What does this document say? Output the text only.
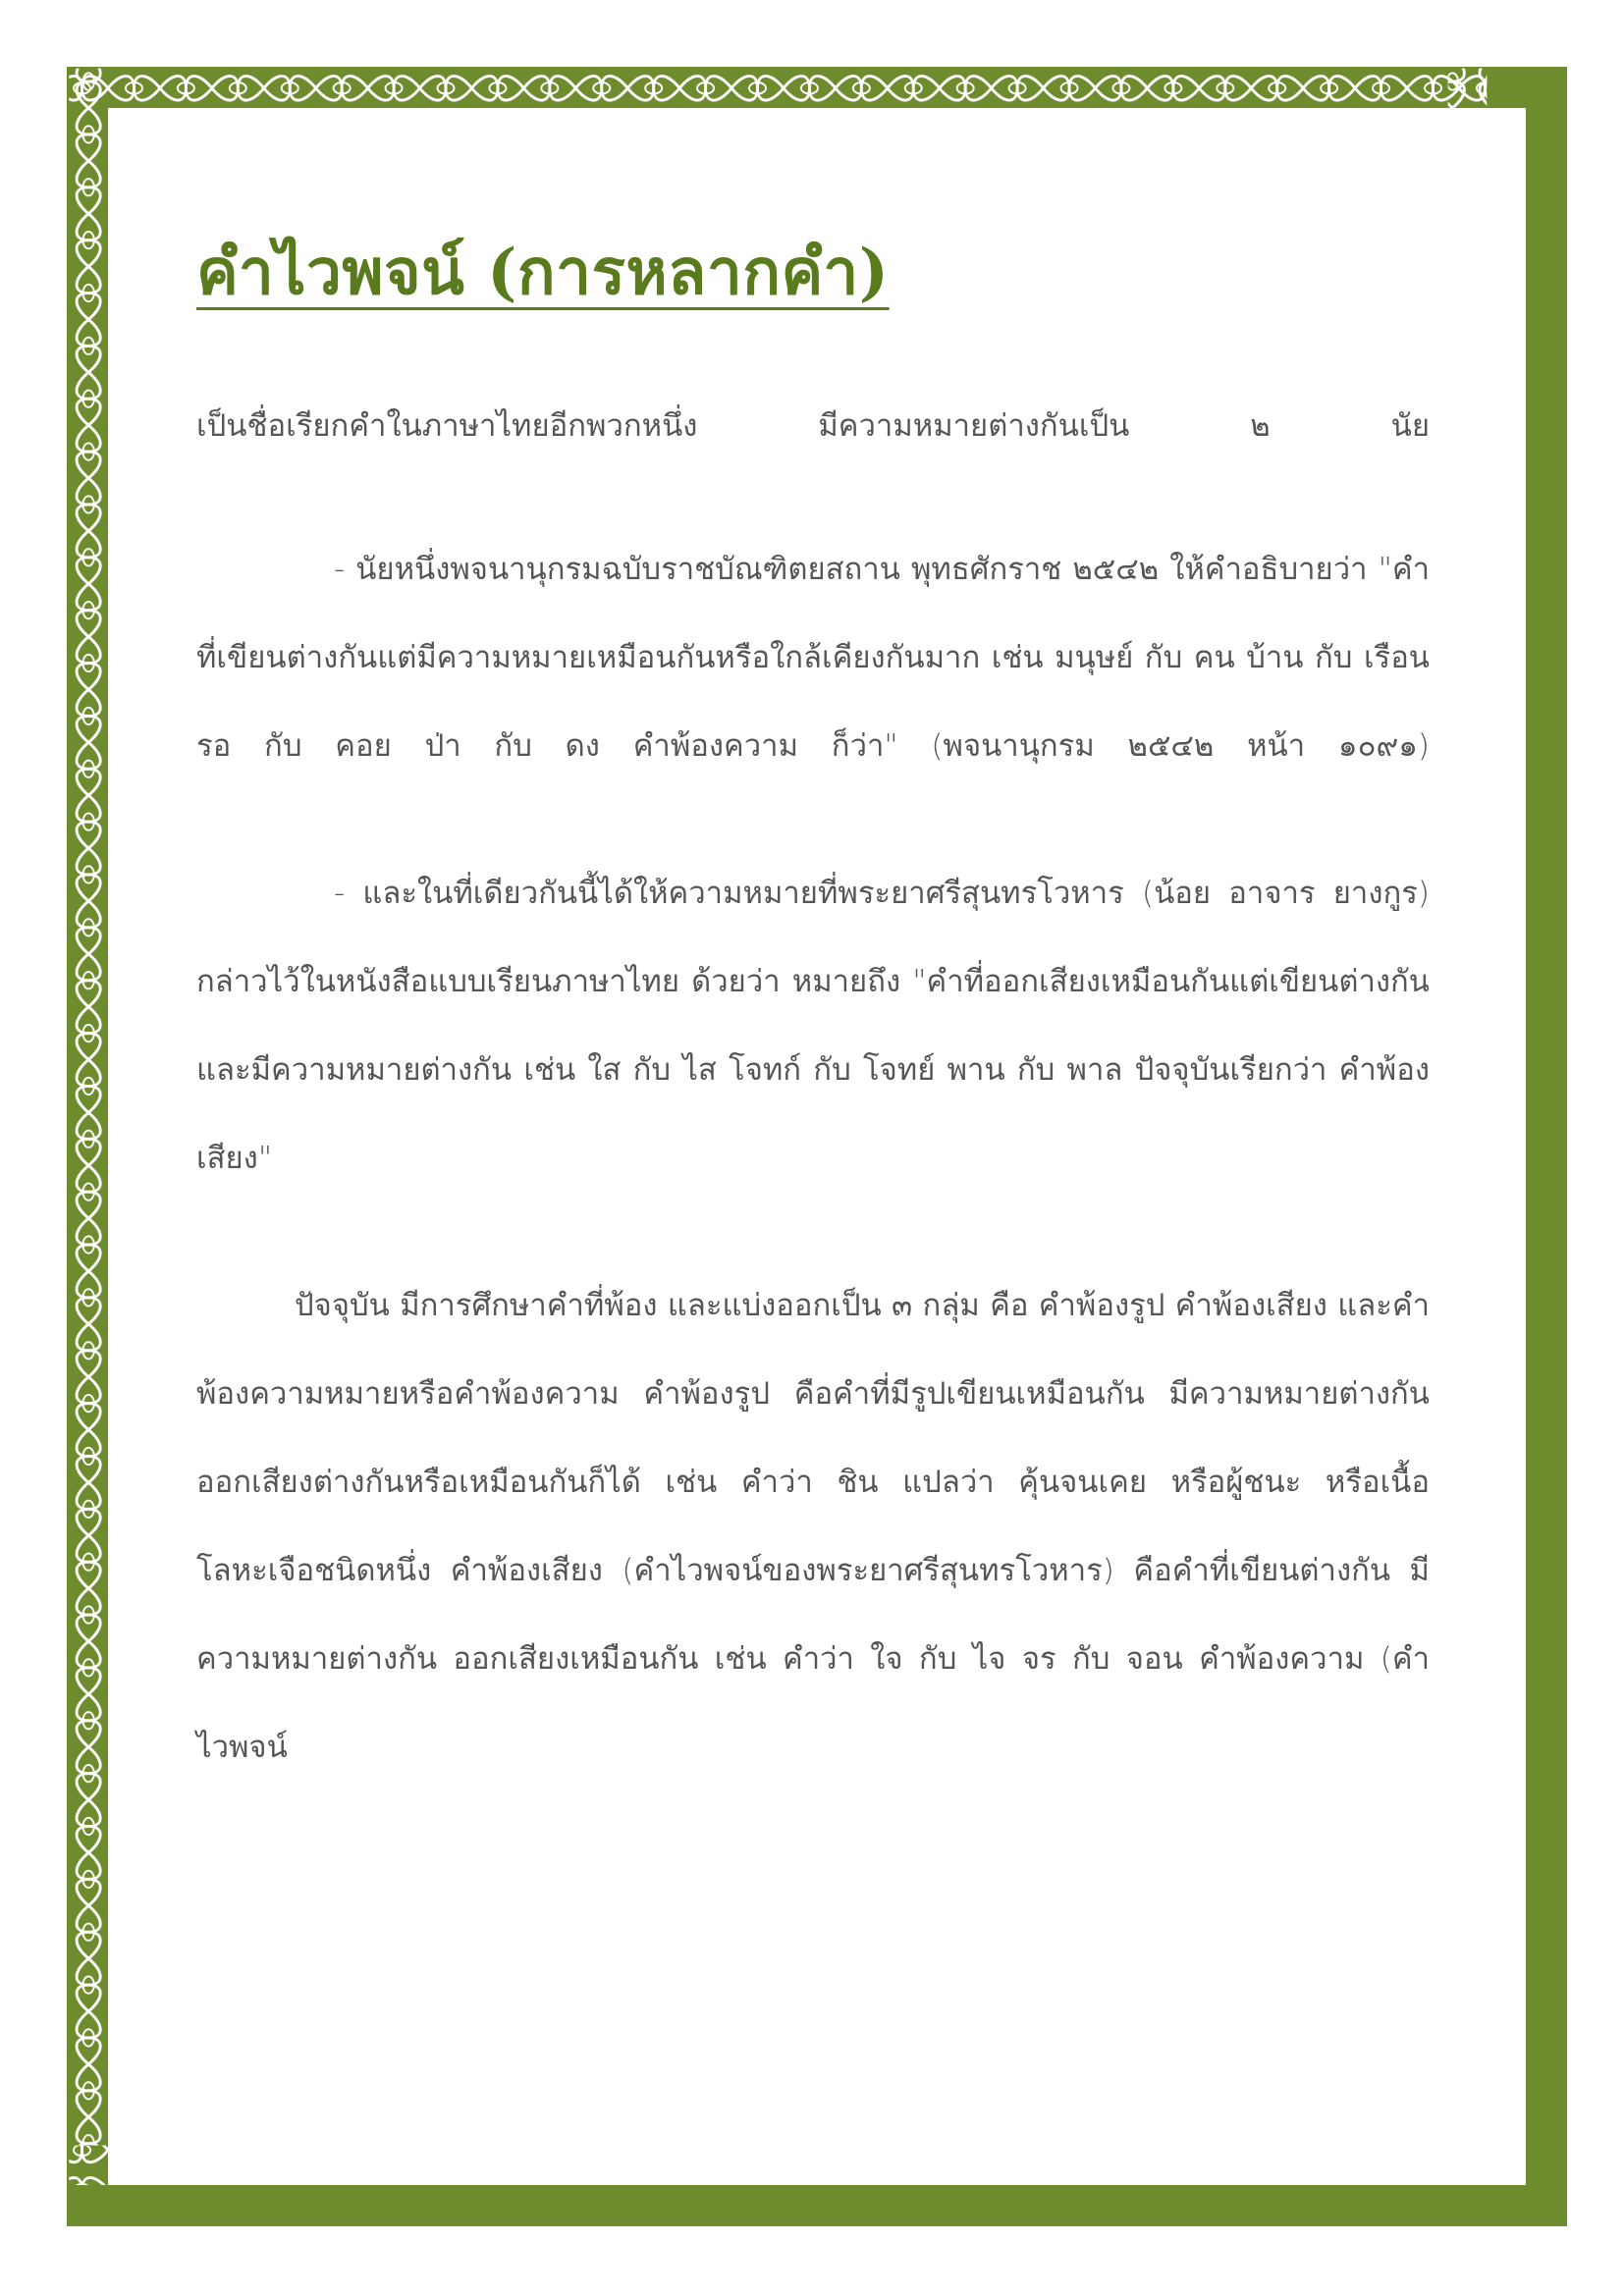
คำไวพจน์ (การหลากคำ)

เป็นชื่อเรียกคำในภาษาไทยอีกพวกหนึ่ง มีความหมายต่างกันเป็น ๒ นัย

- นัยหนึ่งพจนานุกรมฉบับราชบัณฑิตยสถาน พุทธศักราช ๒๕๔๒ ให้คำอธิบายว่า "คำที่เขียนต่างกันแต่มีความหมายเหมือนกันหรือใกล้เคียงกันมาก เช่น มนุษย์ กับ คน บ้าน กับ เรือน รอ กับ คอย ป่า กับ ดง คำพ้องความ ก็ว่า" (พจนานุกรม ๒๕๔๒ หน้า ๑๐๙๑)

- และในที่เดียวกันนี้ได้ให้ความหมายที่พระยาศรีสุนทรโวหาร (น้อย อาจาร ยางกูร) กล่าวไว้ในหนังสือแบบเรียนภาษาไทย ด้วยว่า หมายถึง "คำที่ออกเสียงเหมือนกันแต่เขียนต่างกันและมีความหมายต่างกัน เช่น ใส กับ ไส โจทก์ กับ โจทย์ พาน กับ พาล ปัจจุบันเรียกว่า คำพ้องเสียง"

ปัจจุบัน มีการศึกษาคำที่พ้อง และแบ่งออกเป็น ๓ กลุ่ม คือ คำพ้องรูป คำพ้องเสียง และคำพ้องความหมายหรือคำพ้องความ คำพ้องรูป คือคำที่มีรูปเขียนเหมือนกัน มีความหมายต่างกัน ออกเสียงต่างกันหรือเหมือนกันก็ได้ เช่น คำว่า ชิน แปลว่า คุ้นจนเคย หรือผู้ชนะ หรือเนื้อโลหะเจือชนิดหนึ่ง คำพ้องเสียง (คำไวพจน์ของพระยาศรีสุนทรโวหาร) คือคำที่เขียนต่างกัน มีความหมายต่างกัน ออกเสียงเหมือนกัน เช่น คำว่า ใจ กับ ไจ จร กับ จอน คำพ้องความ (คำไวพจน์
